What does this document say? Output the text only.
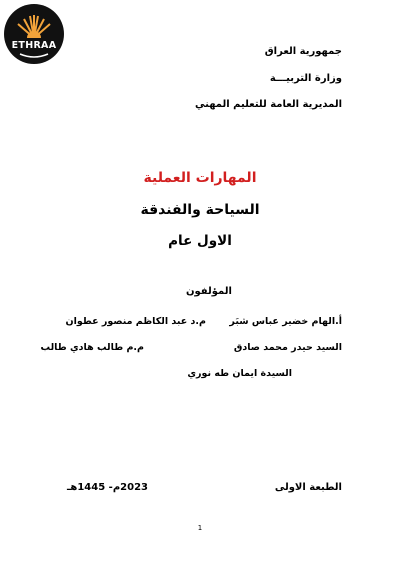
ETHRAA
جمهورية العراق
وزارة التربيـــة
المديرية العامة للتعليم المهني
المهارات العملية
السياحة والفندقة
الاول عام
المؤلفون
أ.الهام خضير عباس شبَر
م.د عبد الكاظم منصور عطوان
السيد حيدر محمد صادق
م.م طالب هادي طالب
السيدة ايمان طه نوري
الطبعة الاولى
2023م- 1445هـ
1
